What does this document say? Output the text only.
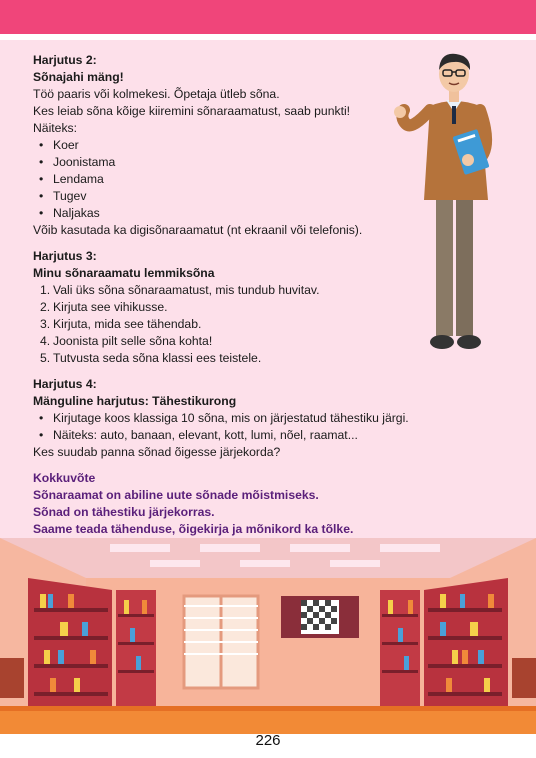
Harjutus 2:

Sõnajahi mäng!

Töö paaris või kolmekesi. Õpetaja ütleb sõna.

Kes leiab sõna kõige kiiremini sõnaraamatust, saab punkti!

Näiteks:

• Koer
• Joonistama
• Lendama
• Tugev
• Naljakas

Võib kasutada ka digisõnaraamatut (nt ekraanil või telefonis).

Harjutus 3:

Minu sõnaraamatu lemmiksõna

1. Vali üks sõna sõnaraamatust, mis tundub huvitav.
2. Kirjuta see vihikusse.
3. Kirjuta, mida see tähendab.
4. Joonista pilt selle sõna kohta!
5. Tutvusta seda sõna klassi ees teistele.

Harjutus 4:

Mänguline harjutus: Tähestikurong

• Kirjutage koos klassiga 10 sõna, mis on järjestatud tähestiku järgi.
• Näiteks: auto, banaan, elevant, kott, lumi, nõel, raamat...

Kes suudab panna sõnad õigesse järjekorda?

Kokkuvõte

Sõnaraamat on abiline uute sõnade mõistmiseks.

Sõnad on tähestiku järjekorras.

Saame teada tähenduse, õigekirja ja mõnikord ka tõlke.

226
